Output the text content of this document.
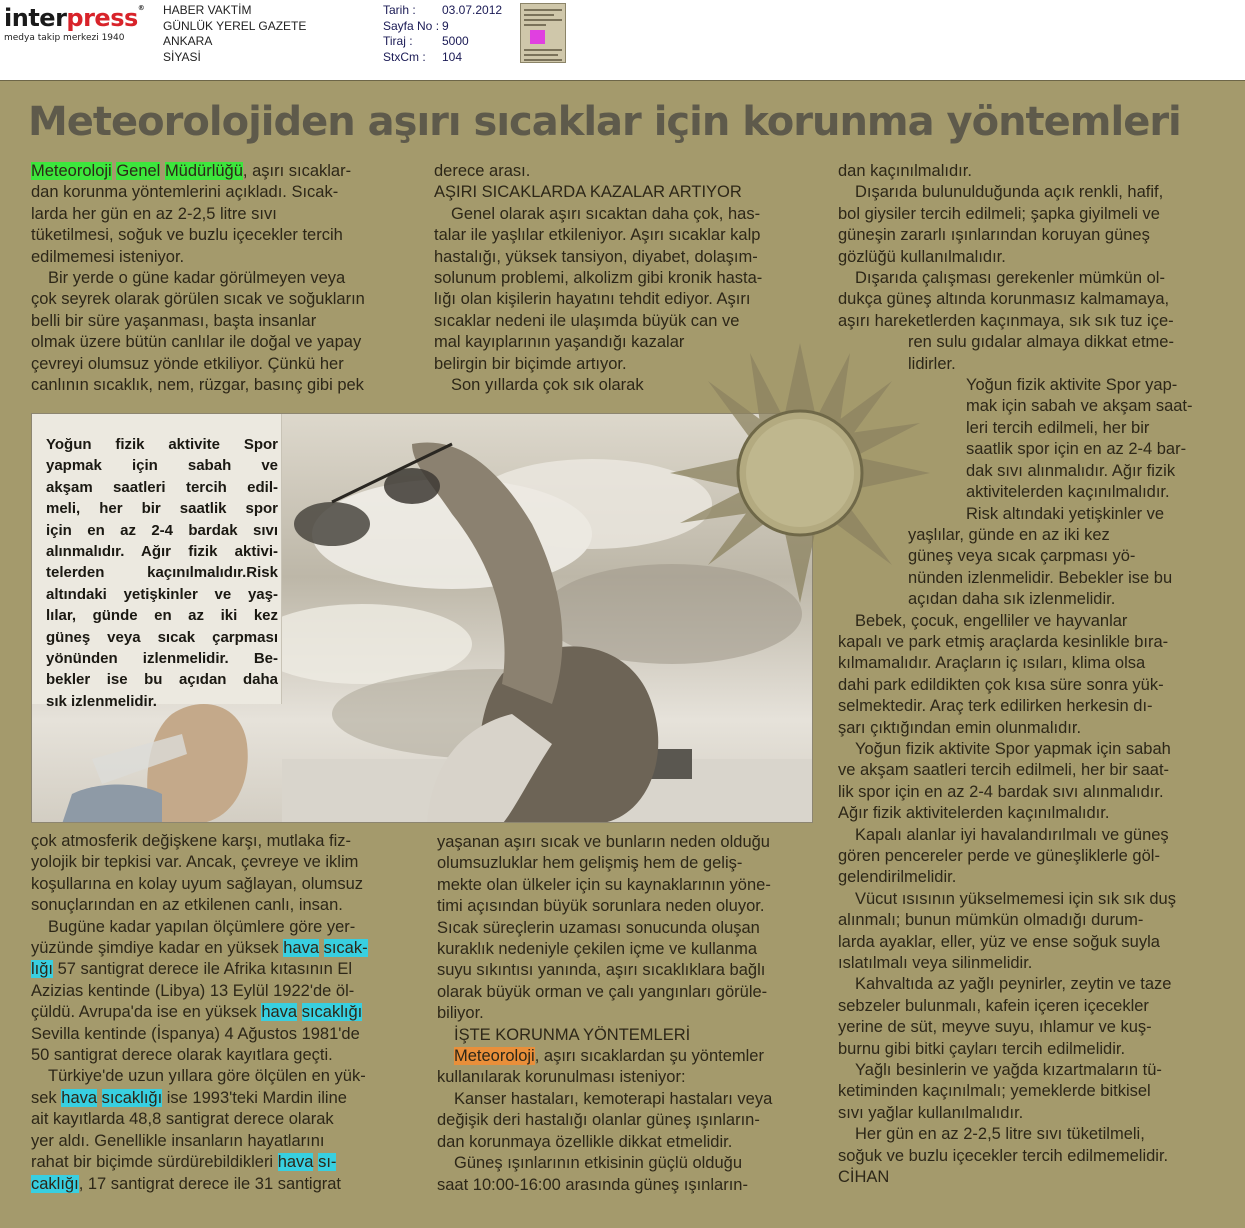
interpress®
medya takip merkezi 1940
HABER VAKTİM
GÜNLÜK YEREL GAZETE
ANKARA
SİYASİ
Tarih :
Sayfa No :
Tiraj :
StxCm :
03.07.2012
9
5000
104
Meteorolojiden aşırı sıcaklar için korunma yöntemleri

Meteoroloji Genel Müdürlüğü, aşırı sıcaklar-

dan korunma yöntemlerini açıkladı. Sıcak-

larda her gün en az 2-2,5 litre sıvı

tüketilmesi, soğuk ve buzlu içecekler tercih

edilmemesi isteniyor.

Bir yerde o güne kadar görülmeyen veya

çok seyrek olarak görülen sıcak ve soğukların

belli bir süre yaşanması, başta insanlar

olmak üzere bütün canlılar ile doğal ve yapay

çevreyi olumsuz yönde etkiliyor. Çünkü her

canlının sıcaklık, nem, rüzgar, basınç gibi pek

derece arası.

AŞIRI SICAKLARDA KAZALAR ARTIYOR

Genel olarak aşırı sıcaktan daha çok, has-

talar ile yaşlılar etkileniyor. Aşırı sıcaklar kalp

hastalığı, yüksek tansiyon, diyabet, dolaşım-

solunum problemi, alkolizm gibi kronik hasta-

lığı olan kişilerin hayatını tehdit ediyor. Aşırı

sıcaklar nedeni ile ulaşımda büyük can ve

mal kayıplarının yaşandığı kazalar

belirgin bir biçimde artıyor.

Son yıllarda çok sık olarak

Yoğun fizik aktivite Spor

yapmak için sabah ve

akşam saatleri tercih edil-

meli, her bir saatlik spor

için en az 2-4 bardak sıvı

alınmalıdır. Ağır fizik aktivi-

telerden kaçınılmalıdır.Risk

altındaki yetişkinler ve yaş-

lılar, günde en az iki kez

güneş veya sıcak çarpması

yönünden izlenmelidir. Be-

bekler ise bu açıdan daha

sık izlenmelidir.

çok atmosferik değişkene karşı, mutlaka fiz-

yolojik bir tepkisi var. Ancak, çevreye ve iklim

koşullarına en kolay uyum sağlayan, olumsuz

sonuçlarından en az etkilenen canlı, insan.

Bugüne kadar yapılan ölçümlere göre yer-

yüzünde şimdiye kadar en yüksek hava sıcak-

lığı 57 santigrat derece ile Afrika kıtasının El

Azizias kentinde (Libya) 13 Eylül 1922'de öl-

çüldü. Avrupa'da ise en yüksek hava sıcaklığı

Sevilla kentinde (İspanya) 4 Ağustos 1981'de

50 santigrat derece olarak kayıtlara geçti.

Türkiye'de uzun yıllara göre ölçülen en yük-

sek hava sıcaklığı ise 1993'teki Mardin iline

ait kayıtlarda 48,8 santigrat derece olarak

yer aldı. Genellikle insanların hayatlarını

rahat bir biçimde sürdürebildikleri hava sı-

caklığı, 17 santigrat derece ile 31 santigrat

yaşanan aşırı sıcak ve bunların neden olduğu

olumsuzluklar hem gelişmiş hem de geliş-

mekte olan ülkeler için su kaynaklarının yöne-

timi açısından büyük sorunlara neden oluyor.

Sıcak süreçlerin uzaması sonucunda oluşan

kuraklık nedeniyle çekilen içme ve kullanma

suyu sıkıntısı yanında, aşırı sıcaklıklara bağlı

olarak büyük orman ve çalı yangınları görüle-

biliyor.

İŞTE KORUNMA YÖNTEMLERİ

Meteoroloji, aşırı sıcaklardan şu yöntemler

kullanılarak korunulması isteniyor:

Kanser hastaları, kemoterapi hastaları veya

değişik deri hastalığı olanlar güneş ışınların-

dan korunmaya özellikle dikkat etmelidir.

Güneş ışınlarının etkisinin güçlü olduğu

saat 10:00-16:00 arasında güneş ışınların-

dan kaçınılmalıdır.

Dışarıda bulunulduğunda açık renkli, hafif,

bol giysiler tercih edilmeli; şapka giyilmeli ve

güneşin zararlı ışınlarından koruyan güneş

gözlüğü kullanılmalıdır.

Dışarıda çalışması gerekenler mümkün ol-

dukça güneş altında korunmasız kalmamaya,

aşırı hareketlerden kaçınmaya, sık sık tuz içe-

ren sulu gıdalar almaya dikkat etme-

lidirler.

Yoğun fizik aktivite Spor yap-

mak için sabah ve akşam saat-

leri tercih edilmeli, her bir

saatlik spor için en az 2-4 bar-

dak sıvı alınmalıdır. Ağır fizik

aktivitelerden kaçınılmalıdır.

Risk altındaki yetişkinler ve

yaşlılar, günde en az iki kez

güneş veya sıcak çarpması yö-

nünden izlenmelidir. Bebekler ise bu

açıdan daha sık izlenmelidir.

Bebek, çocuk, engelliler ve hayvanlar

kapalı ve park etmiş araçlarda kesinlikle bıra-

kılmamalıdır. Araçların iç ısıları, klima olsa

dahi park edildikten çok kısa süre sonra yük-

selmektedir. Araç terk edilirken herkesin dı-

şarı çıktığından emin olunmalıdır.

Yoğun fizik aktivite Spor yapmak için sabah

ve akşam saatleri tercih edilmeli, her bir saat-

lik spor için en az 2-4 bardak sıvı alınmalıdır.

Ağır fizik aktivitelerden kaçınılmalıdır.

Kapalı alanlar iyi havalandırılmalı ve güneş

gören pencereler perde ve güneşliklerle göl-

gelendirilmelidir.

Vücut ısısının yükselmemesi için sık sık duş

alınmalı; bunun mümkün olmadığı durum-

larda ayaklar, eller, yüz ve ense soğuk suyla

ıslatılmalı veya silinmelidir.

Kahvaltıda az yağlı peynirler, zeytin ve taze

sebzeler bulunmalı, kafein içeren içecekler

yerine de süt, meyve suyu, ıhlamur ve kuş-

burnu gibi bitki çayları tercih edilmelidir.

Yağlı besinlerin ve yağda kızartmaların tü-

ketiminden kaçınılmalı; yemeklerde bitkisel

sıvı yağlar kullanılmalıdır.

Her gün en az 2-2,5 litre sıvı tüketilmeli,

soğuk ve buzlu içecekler tercih edilmemelidir.

CİHAN
